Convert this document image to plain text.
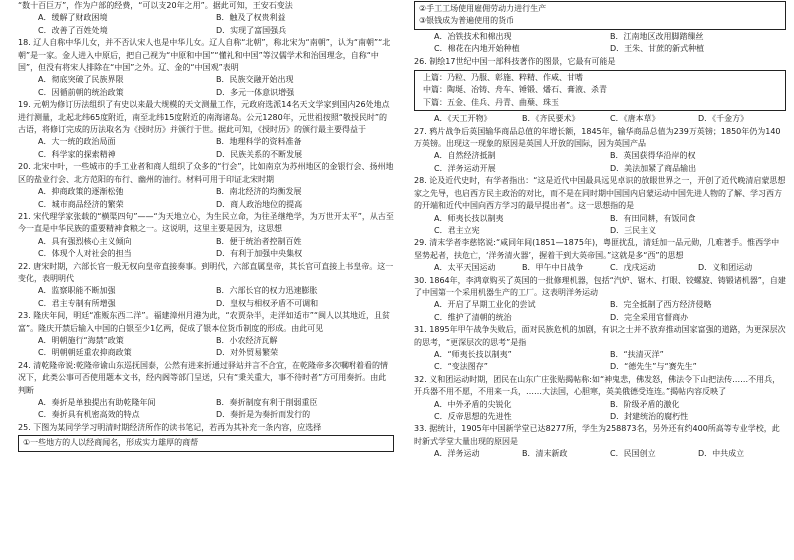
“数十百巨万”，作为户部的经费，“可以支20年之用”。据此可知，王安石变法

A．缓解了财政困境	B．触及了权贵利益
C．改善了百姓处境	D．实现了富国强兵

18. 辽人自称中华儿女，并不否认宋人也是中华儿女。辽人自称“北朝”，称北宋为“南朝”，认为“南朝”“北朝”是一家。金人进入中原后，把自己视为“中原和中国”“懂礼和中国”等汉儒学术和治国理念，自称“中国”，但没有将宋人排除在“中国”之外。辽、金的“中国观”表明

A．彻底突破了民族界限	B．民族交融开始出现
C．因循前朝的统治政策	D．多元一体意识增强

19. 元朝为修订历法组织了有史以来最大规模的天文测量工作，元政府选派14名天文学家到国内26处地点进行测量，北起北纬65度附近，南至北纬15度附近的南海诸岛。公元1280年，元世祖按照“敬授民时”的古语，将修订完成的历法取名为《授时历》并颁行于世。据此可知，《授时历》的颁行最主要得益于

A．大一统的政治局面	B．地理科学的资料准备
C．科学家的探索精神	D．民族关系的不断发展

20. 北宋中叶，一些城市的手工业者和商人组织了众多的“行会”，比如南京为苏州地区的金银行会、扬州地区的盐业行会、北方范阳的布行、幽州的油行。材料可用于印证北宋时期

A．抑商政策的逐渐松弛	B．南北经济的均衡发展
C．城市商品经济的繁荣	D．商人政治地位的提高

21. 宋代理学家张载的“横渠四句”——“为天地立心，为生民立命，为往圣继绝学，为万世开太平”，从古至今一直是中华民族的重要精神食粮之一。这说明，这里主要是因为，这思想

A．具有强烈核心主义倾向	B．便于统治者控制百姓
C．体现个人对社会的担当	D．有利于加强中央集权

22. 唐宋时期，六部长官一般无权向皇帝直接奏事。到明代，六部直属皇帝，其长官可直接上书皇帝。这一变化，表明明代

A．监察职能不断加强	B．六部长官的权力迅速膨胀
C．君主专制有所增强	D．皇权与相权矛盾不可调和

23. 隆庆年间，明廷“准贩东西二洋”。福建漳州月港为此，“农贾杂半，走洋如适市”“闽人以其地近，且贫富”。隆庆开禁后输入中国的白银至少1亿两，促成了银本位货币制度的形成。由此可见

A．明朝施行“海禁”政策	B．小农经济瓦解
C．明朝朝廷重农抑商政策	D．对外贸易繁荣

24. 清乾隆帝说:乾隆帝谕山东巡抚国泰，公然有进来折通过驿站并言不合宜，在乾隆帝多次嘱咐着看的情况下，此类公事可否使用题本文书，经内阁等部门呈送，只有“秉关重大，事不待时者”方可用奏折。由此判断

A．奏折是单独提出有助乾隆年间	B．奏折制度有利于削弱重臣
C．奏折具有机密高效的特点	D．奏折是为奏折而发行的

25. 下图为某同学学习明清时期经济所作的读书笔记，若再为其补充一条内容，应选择

①一些地方的人以经商闻名，形成实力雄厚的商帮
②手工工场使用雇佣劳动力进行生产
③银钱成为普遍使用的货币
A．冶铁技术和棉出现	B．江南地区改用脚踏缫丝
C．棉花在内地开始种植	D．王朱、甘蔗的新式种植

26. 制绘17世纪中国一部科技著作的图景，它最有可能是

上篇：乃粒、乃服、彰施、粹精、作咸、甘嗜
中篇：陶埏、冶铸、舟车、锤锻、燔石、膏液、杀青
下篇：五金、佳兵、丹青、曲蘖、珠玉
A．《天工开物》	B．《齐民要术》	C．《唐本草》	D．《千金方》

27. 鸦片战争后英国输华商品总值的年增长额，1845年，输华商品总值为239万英镑；1850年仍为140万英镑。出现这一现象的原因是英国人开放的国际，因为英国产品

A．自然经济抵制	B．英国获得华沿岸的权
C．洋务运动开展	D．美法加紧了商品输出

28. 论及近代史时，有学者指出：“这是近代中国最具远见卓识的放眼世界之一，开创了近代晚清启蒙思想家之先导，也启西方民主政治的对比，而不是在同时期中国国内启蒙运动中国先进人物的了解、学习西方的开端和近代中国向西方学习的最早提出者”。这一思想指的是

A．师夷长技以制夷	B．有田同耕，有饭同食
C．君主立宪	D．三民主义

29. 清末学者李慈铭说:“咸同年间(1851—1875年)，粤匪扰乱，清廷加一品元勋，几难著手。惟西学中坚势起者，扶危亡，‘洋务清火器’，握着干到大英帝国。”这就是多“西”的思想

A．太平天国运动	B．甲午中日战争	C．戊戌运动	D．义和团运动

30. 1864年，李鸿章购买了英国的一批修理机器，包括“汽炉、锯木、打眼、铰螺旋、铸锻诸机器”，自建了中国第一个采用机器生产的工厂。这表明洋务运动

A．开启了早期工业化的尝试	B．完全抵制了西方经济侵略
C．维护了清朝的统治	D．完全采用官督商办

31. 1895年甲午战争失败后，面对民族危机的加剧，有识之士并不放弃推动国家富强的道路，为更深层次的思考，“更深层次的思考”是指

A．“师夷长技以制夷”	B．“扶清灭洋”
C．“变法图存”	D．“德先生”与“赛先生”

32. 义和团运动时期，团民在山东广庄张贴揭帖称:如“神鬼悲，佛发怒，佛法令下山把法传……不用兵，开兵器不用不愿，不用来一兵，……大法国，心胆寒，英美俄德受连连。”揭帖内容反映了

A．中外矛盾的尖锐化	B．阶级矛盾的激化
C．反帝思想的先进性	D．封建统治的腐朽性

33. 据统计，1905年中国新学堂已达8277所，学生为258873名，另外还有约400所高等专业学校，此时新式学堂大量出现的原因是

A．洋务运动	B．清末新政	C．民国创立	D．中共成立
